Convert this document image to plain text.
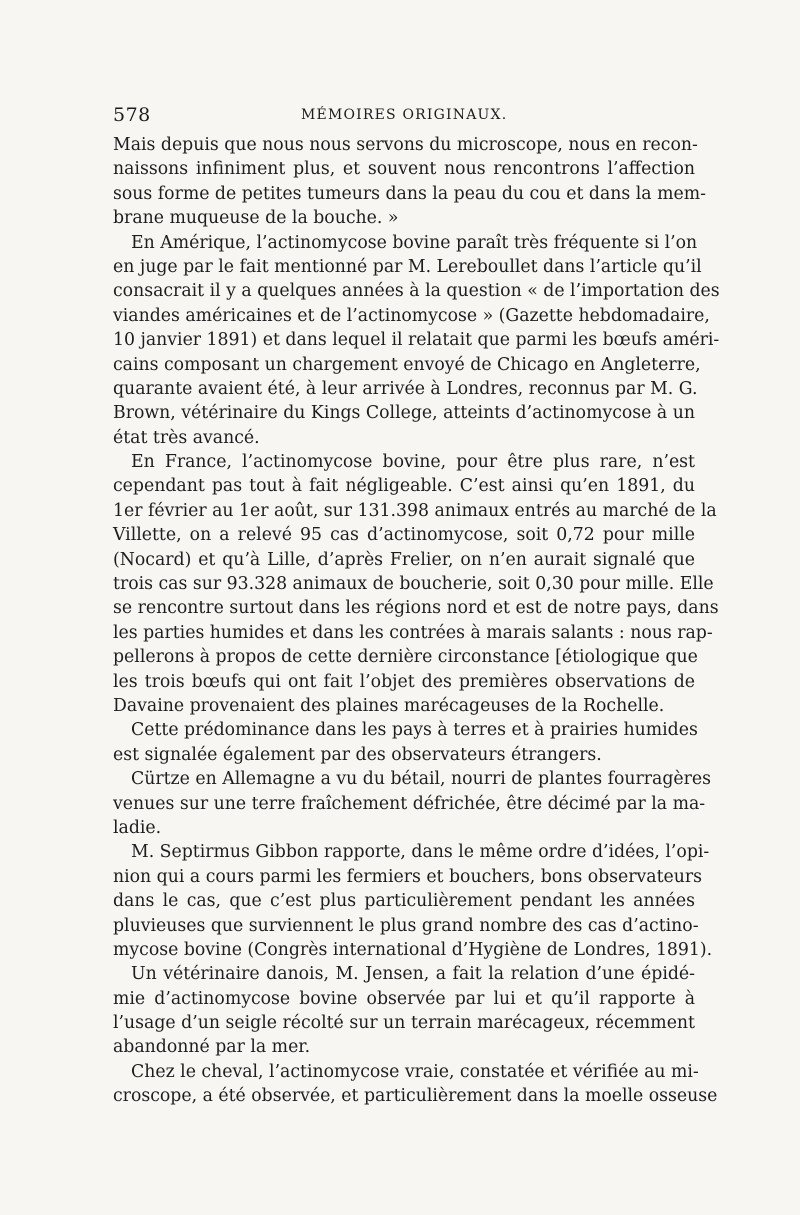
578	MÉMOIRES ORIGINAUX.
Mais depuis que nous nous servons du microscope, nous en recon-
naissons infiniment plus, et souvent nous rencontrons l’affection
sous forme de petites tumeurs dans la peau du cou et dans la mem-
brane muqueuse de la bouche. »
En Amérique, l’actinomycose bovine paraît très fréquente si l’on
en juge par le fait mentionné par M. Lereboullet dans l’article qu’il
consacrait il y a quelques années à la question « de l’importation des
viandes américaines et de l’actinomycose » (Gazette hebdomadaire,
10 janvier 1891) et dans lequel il relatait que parmi les bœufs améri-
cains composant un chargement envoyé de Chicago en Angleterre,
quarante avaient été, à leur arrivée à Londres, reconnus par M. G.
Brown, vétérinaire du Kings College, atteints d’actinomycose à un
état très avancé.
En France, l’actinomycose bovine, pour être plus rare, n’est
cependant pas tout à fait négligeable. C’est ainsi qu’en 1891, du
1er février au 1er août, sur 131.398 animaux entrés au marché de la
Villette, on a relevé 95 cas d’actinomycose, soit 0,72 pour mille
(Nocard) et qu’à Lille, d’après Frelier, on n’en aurait signalé que
trois cas sur 93.328 animaux de boucherie, soit 0,30 pour mille. Elle
se rencontre surtout dans les régions nord et est de notre pays, dans
les parties humides et dans les contrées à marais salants : nous rap-
pellerons à propos de cette dernière circonstance [étiologique que
les trois bœufs qui ont fait l’objet des premières observations de
Davaine provenaient des plaines marécageuses de la Rochelle.
Cette prédominance dans les pays à terres et à prairies humides
est signalée également par des observateurs étrangers.
Cürtze en Allemagne a vu du bétail, nourri de plantes fourragères
venues sur une terre fraîchement défrichée, être décimé par la ma-
ladie.
M. Septirmus Gibbon rapporte, dans le même ordre d’idées, l’opi-
nion qui a cours parmi les fermiers et bouchers, bons observateurs
dans le cas, que c’est plus particulièrement pendant les années
pluvieuses que surviennent le plus grand nombre des cas d’actino-
mycose bovine (Congrès international d’Hygiène de Londres, 1891).
Un vétérinaire danois, M. Jensen, a fait la relation d’une épidé-
mie d’actinomycose bovine observée par lui et qu’il rapporte à
l’usage d’un seigle récolté sur un terrain marécageux, récemment
abandonné par la mer.
Chez le cheval, l’actinomycose vraie, constatée et vérifiée au mi-
croscope, a été observée, et particulièrement dans la moelle osseuse
